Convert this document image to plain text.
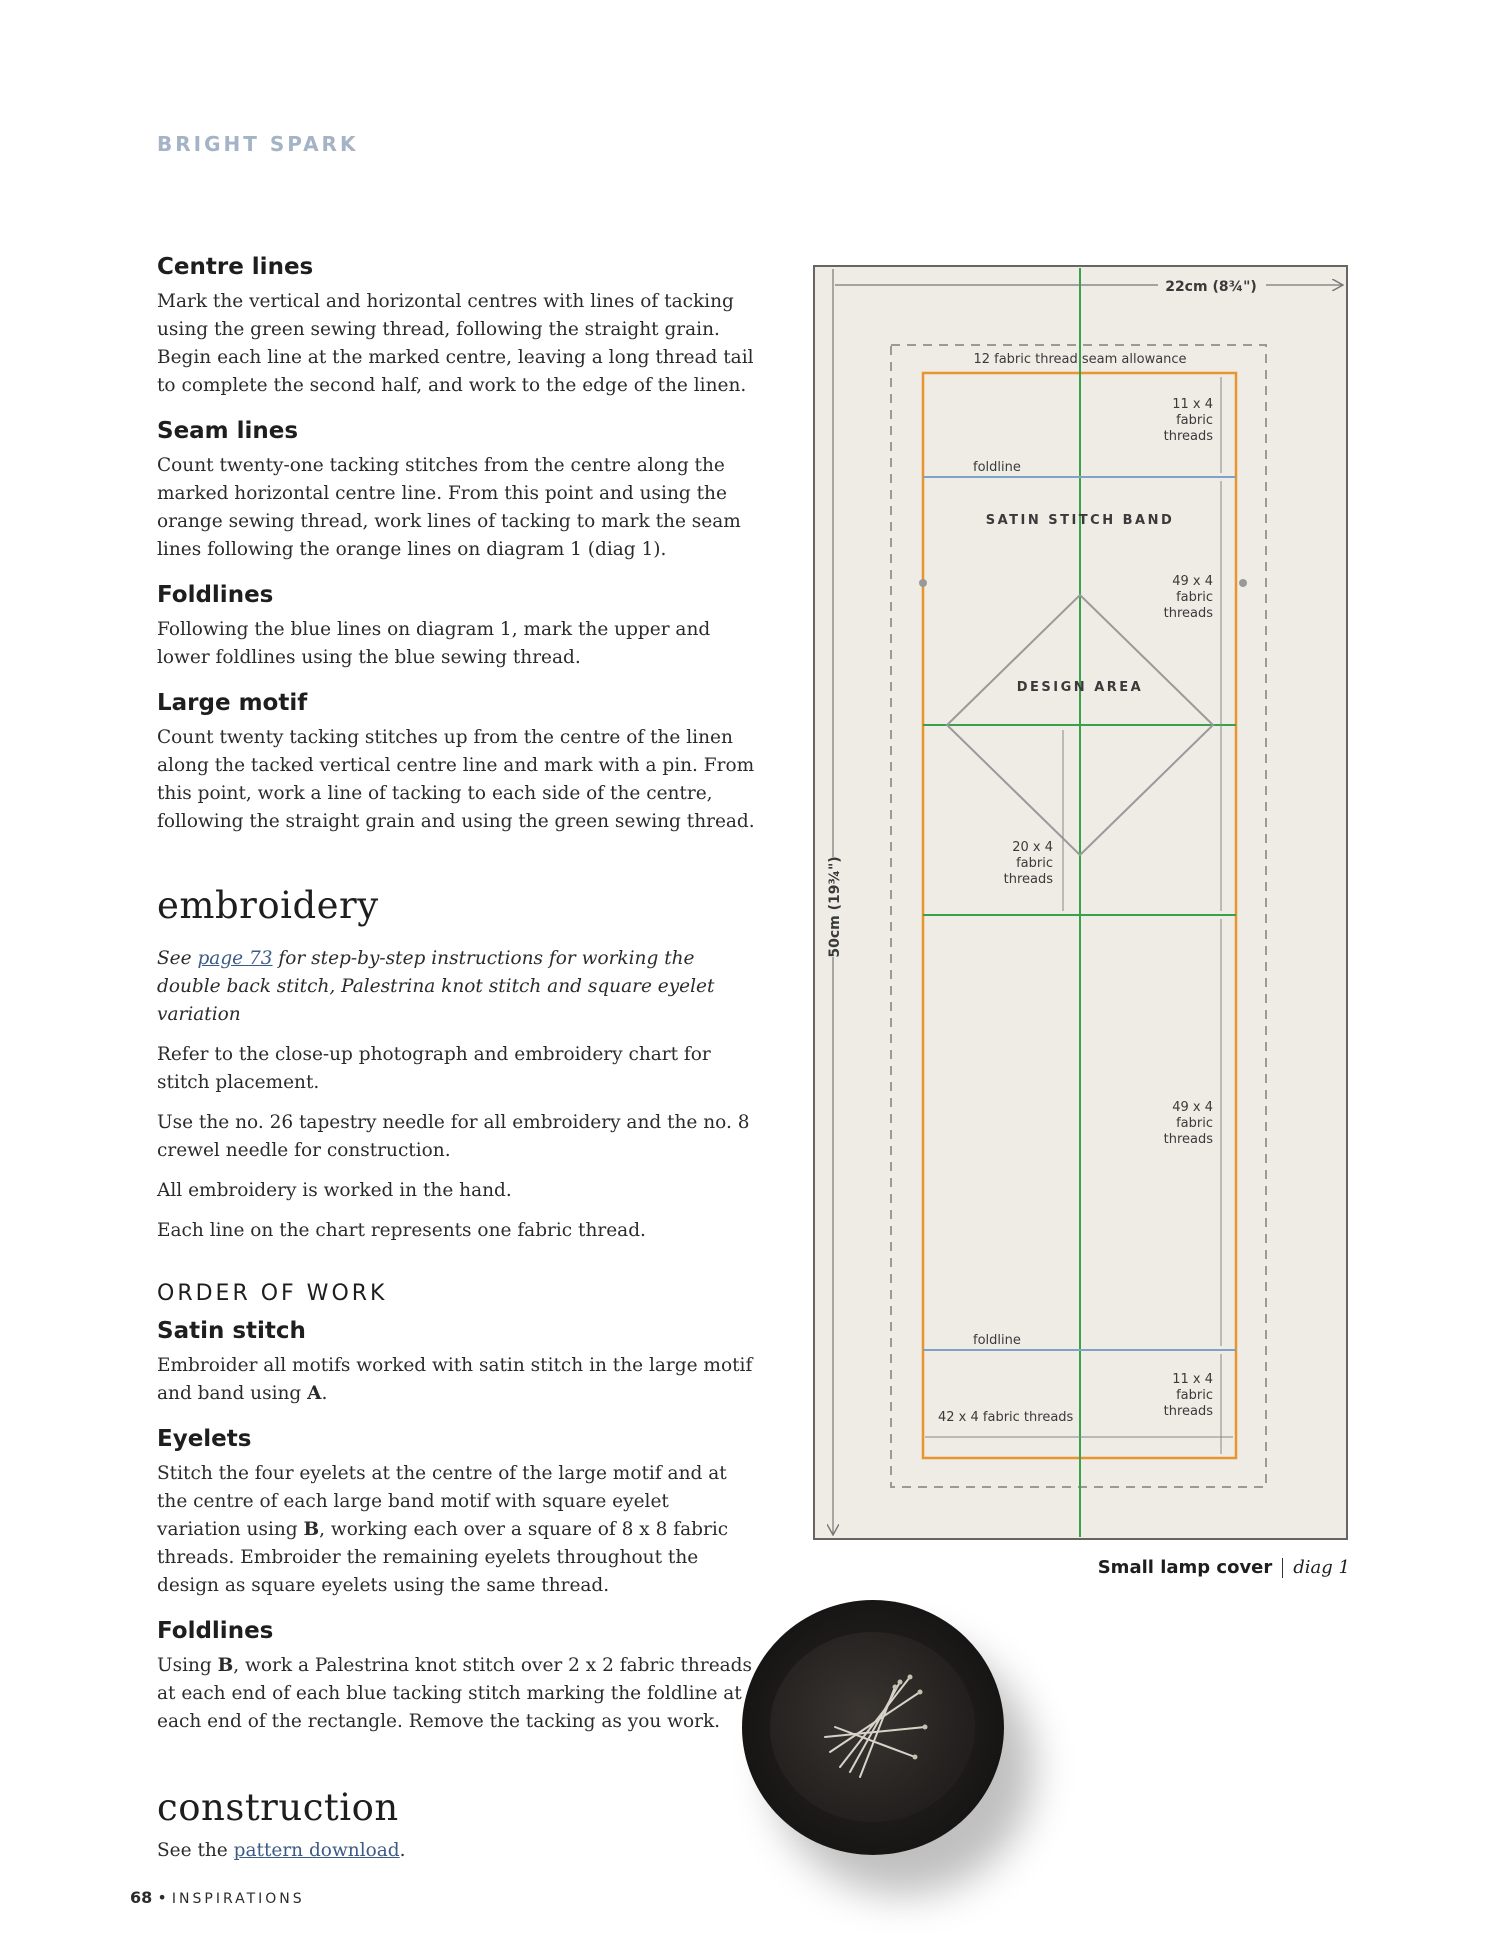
BRIGHT SPARK
Centre lines

Mark the vertical and horizontal centres with lines of tacking using the green sewing thread, following the straight grain. Begin each line at the marked centre, leaving a long thread tail to complete the second half, and work to the edge of the linen.

Seam lines

Count twenty-one tacking stitches from the centre along the marked horizontal centre line. From this point and using the orange sewing thread, work lines of tacking to mark the seam lines following the orange lines on diagram 1 (diag 1).

Foldlines

Following the blue lines on diagram 1, mark the upper and lower foldlines using the blue sewing thread.

Large motif

Count twenty tacking stitches up from the centre of the linen along the tacked vertical centre line and mark with a pin. From this point, work a line of tacking to each side of the centre, following the straight grain and using the green sewing thread.

embroidery

See page 73 for step-by-step instructions for working the double back stitch, Palestrina knot stitch and square eyelet variation

Refer to the close-up photograph and embroidery chart for stitch placement.

Use the no. 26 tapestry needle for all embroidery and the no. 8 crewel needle for construction.

All embroidery is worked in the hand.

Each line on the chart represents one fabric thread.

ORDER OF WORK
Satin stitch

Embroider all motifs worked with satin stitch in the large motif and band using A.

Eyelets

Stitch the four eyelets at the centre of the large motif and at the centre of each large band motif with square eyelet variation using B, working each over a square of 8 x 8 fabric threads. Embroider the remaining eyelets throughout the design as square eyelets using the same thread.

Foldlines

Using B, work a Palestrina knot stitch over 2 x 2 fabric threads at each end of each blue tacking stitch marking the foldline at each end of the rectangle. Remove the tacking as you work.

construction

See the pattern download.

22cm (8¾")
50cm (19¾")
12 fabric thread seam allowance
11 x 4
fabric
threads
foldline
SATIN STITCH BAND
49 x 4
fabric
threads
DESIGN AREA
20 x 4
fabric
threads
49 x 4
fabric
threads
foldline
11 x 4
fabric
threads
42 x 4 fabric threads
Small lamp cover diag 1
68 • INSPIRATIONS
